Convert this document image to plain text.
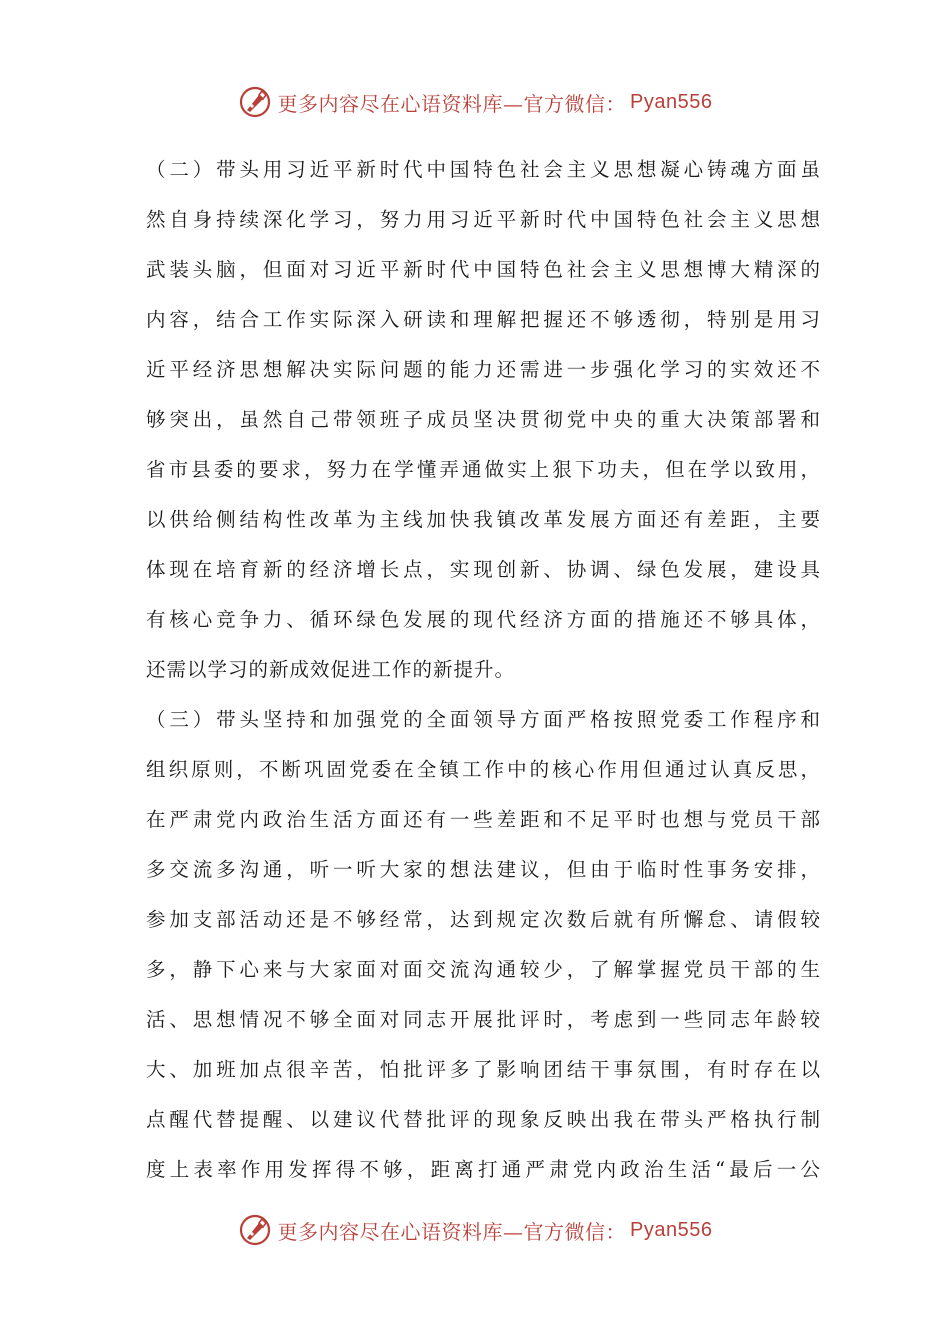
更多内容尽在心语资料库—官方微信： Pyan556
（二）带头用习近平新时代中国特色社会主义思想凝心铸魂方面虽
然自身持续深化学习，努力用习近平新时代中国特色社会主义思想
武装头脑，但面对习近平新时代中国特色社会主义思想博大精深的
内容，结合工作实际深入研读和理解把握还不够透彻，特别是用习
近平经济思想解决实际问题的能力还需进一步强化学习的实效还不
够突出，虽然自己带领班子成员坚决贯彻党中央的重大决策部署和
省市县委的要求，努力在学懂弄通做实上狠下功夫，但在学以致用，
以供给侧结构性改革为主线加快我镇改革发展方面还有差距，主要
体现在培育新的经济增长点，实现创新、协调、绿色发展，建设具
有核心竞争力、循环绿色发展的现代经济方面的措施还不够具体，
还需以学习的新成效促进工作的新提升。
（三）带头坚持和加强党的全面领导方面严格按照党委工作程序和
组织原则，不断巩固党委在全镇工作中的核心作用但通过认真反思，
在严肃党内政治生活方面还有一些差距和不足平时也想与党员干部
多交流多沟通，听一听大家的想法建议，但由于临时性事务安排，
参加支部活动还是不够经常，达到规定次数后就有所懈怠、请假较
多，静下心来与大家面对面交流沟通较少，了解掌握党员干部的生
活、思想情况不够全面对同志开展批评时，考虑到一些同志年龄较
大、加班加点很辛苦，怕批评多了影响团结干事氛围，有时存在以
点醒代替提醒、以建议代替批评的现象反映出我在带头严格执行制
度上表率作用发挥得不够，距离打通严肃党内政治生活“最后一公
更多内容尽在心语资料库—官方微信： Pyan556
